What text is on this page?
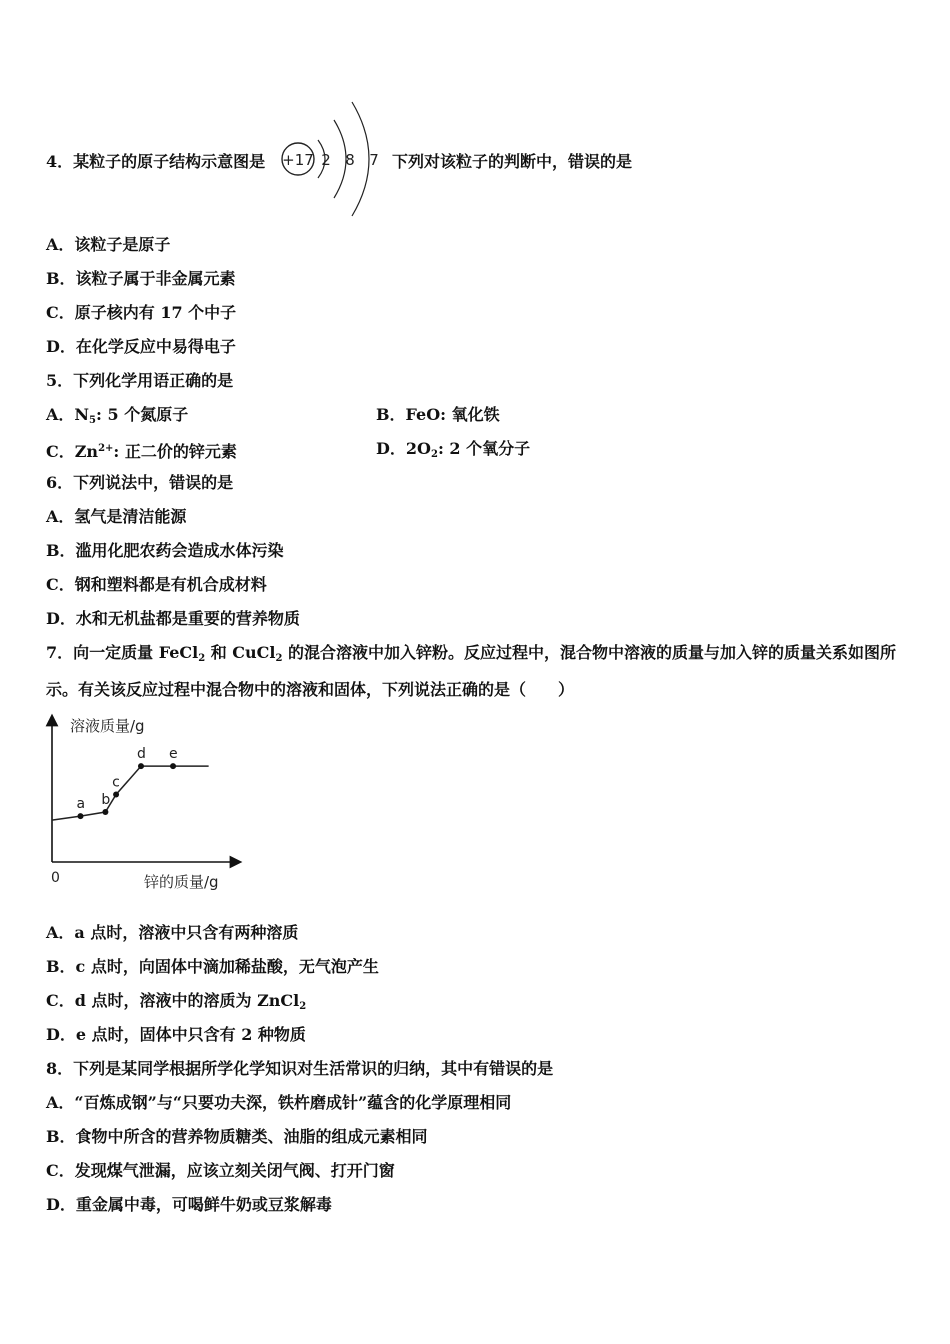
4．某粒子的原子结构示意图是 +17 2 8 7 下列对该粒子的判断中，错误的是
A．该粒子是原子
B．该粒子属于非金属元素
C．原子核内有 17 个中子
D．在化学反应中易得电子
5．下列化学用语正确的是
A．$N_5$: 5 个氮原子	B．FeO: 氧化铁
C．$Zn^{2+}$: 正二价的锌元素	D．$2O_2$: 2 个氧分子
6．下列说法中，错误的是
A．氢气是清洁能源
B．滥用化肥农药会造成水体污染
C．钢和塑料都是有机合成材料
D．水和无机盐都是重要的营养物质
7．向一定质量 FeCl$_2$ 和 CuCl$_2$ 的混合溶液中加入锌粉。反应过程中，混合物中溶液的质量与加入锌的质量关系如图所
示。有关该反应过程中混合物中的溶液和固体，下列说法正确的是（　　）
溶液质量/g
锌的质量/g
0
a b
c
d e
A．a 点时，溶液中只含有两种溶质
B．c 点时，向固体中滴加稀盐酸，无气泡产生
C．d 点时，溶液中的溶质为 ZnCl$_2$
D．e 点时，固体中只含有 2 种物质
8．下列是某同学根据所学化学知识对生活常识的归纳，其中有错误的是
A．“百炼成钢”与“只要功夫深，铁杵磨成针”蕴含的化学原理相同
B．食物中所含的营养物质糖类、油脂的组成元素相同
C．发现煤气泄漏，应该立刻关闭气阀、打开门窗
D．重金属中毒，可喝鲜牛奶或豆浆解毒
